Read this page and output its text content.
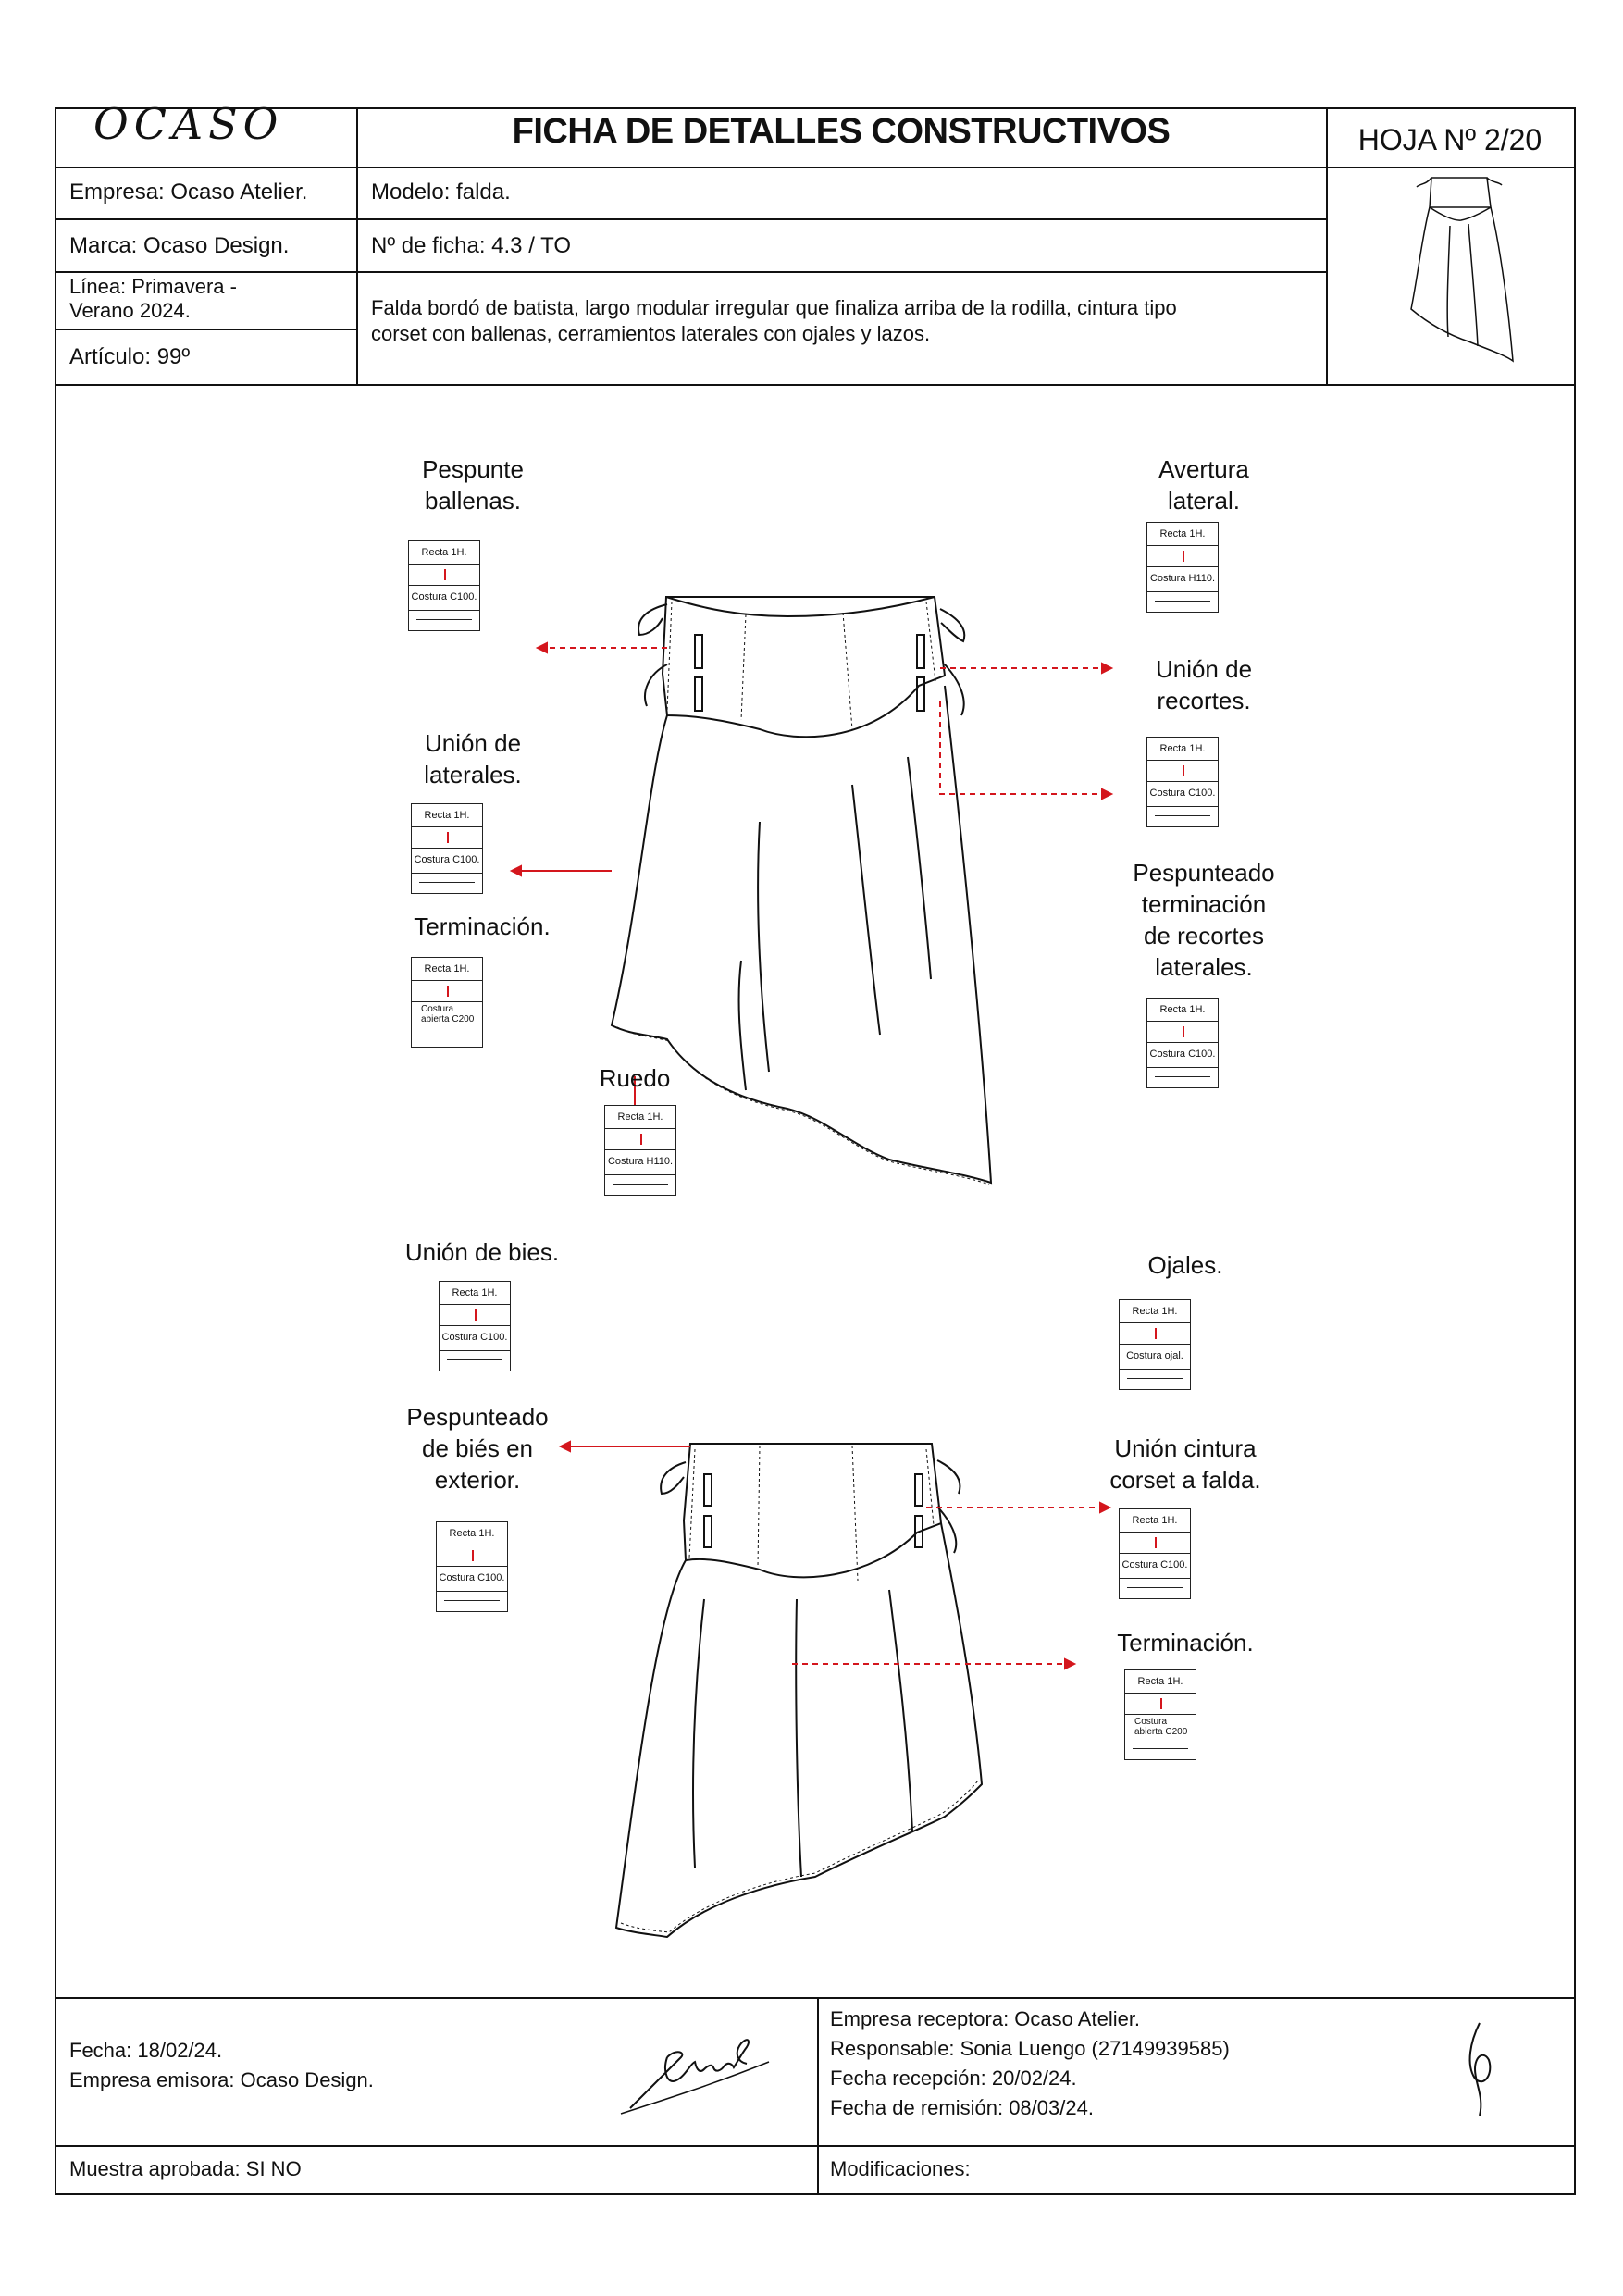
OCASO	FICHA DE DETALLES CONSTRUCTIVOS	HOJA Nº 2/20
Empresa: Ocaso Atelier.
Marca: Ocaso Design.
Línea: Primavera -
Verano 2024.
Artículo: 99º
Modelo: falda.
Nº de ficha: 4.3 / TO
Falda bordó de batista, largo modular irregular que finaliza arriba de la rodilla, cintura tipo
corset con ballenas, cerramientos laterales con ojales y lazos.
Pespunte
ballenas.
Avertura
lateral.
Unión de
recortes.
Unión de
laterales.
Pespunteado
terminación
de recortes
laterales.
Terminación.
Ruedo
Unión de bies.	Ojales.
Pespunteado
de biés en
exterior.
Unión cintura
corset a falda.
Terminación.
Recta 1H.
Costura C100.
Recta 1H.
Costura H110.
Recta 1H.
Costura C100.
Recta 1H.
Costura C100.
Recta 1H.
Costura
abierta C200
Recta 1H.
Costura C100.
Recta 1H.
Costura H110.
Recta 1H.
Costura C100.
Recta 1H.
Costura ojal.
Recta 1H.
Costura C100.
Recta 1H.
Costura C100.
Recta 1H.
Costura
abierta C200
Fecha: 18/02/24.
Empresa emisora: Ocaso Design.
Empresa receptora: Ocaso Atelier.
Responsable: Sonia Luengo (27149939585)
Fecha recepción: 20/02/24.
Fecha de remisión: 08/03/24.
Muestra aprobada: SI NO	Modificaciones:
